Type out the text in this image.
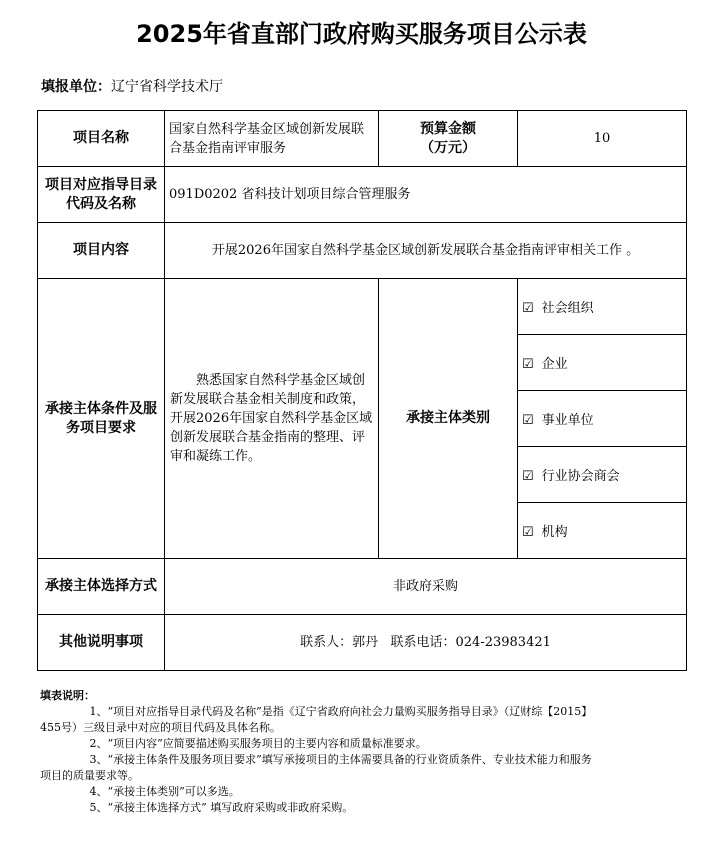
2025年省直部门政府购买服务项目公示表
填报单位：辽宁省科学技术厅
项目名称	国家自然科学基金区域创新发展联合基金指南评审服务	预算金额
（万元）	10
项目对应指导目录代码及名称	091D0202 省科技计划项目综合管理服务		
项目内容	开展2026年国家自然科学基金区域创新发展联合基金指南评审相关工作 。		
承接主体条件及服务项目要求	熟悉国家自然科学基金区域创新发展联合基金相关制度和政策，开展2026年国家自然科学基金区域创新发展联合基金指南的整理、评审和凝练工作。	承接主体类别	☑ 社会组织
			☑ 企业
			☑ 事业单位
			☑ 行业协会商会
			☑ 机构
承接主体选择方式	非政府采购		
其他说明事项	联系人：郭丹   联系电话：024-23983421		
填表说明：
1、“项目对应指导目录代码及名称”是指《辽宁省政府向社会力量购买服务指导目录》（辽财综【2015】
455号）三级目录中对应的项目代码及具体名称。
2、“项目内容”应简要描述购买服务项目的主要内容和质量标准要求。
3、“承接主体条件及服务项目要求”填写承接项目的主体需要具备的行业资质条件、专业技术能力和服务
项目的质量要求等。
4、“承接主体类别”可以多选。
5、“承接主体选择方式” 填写政府采购或非政府采购。
